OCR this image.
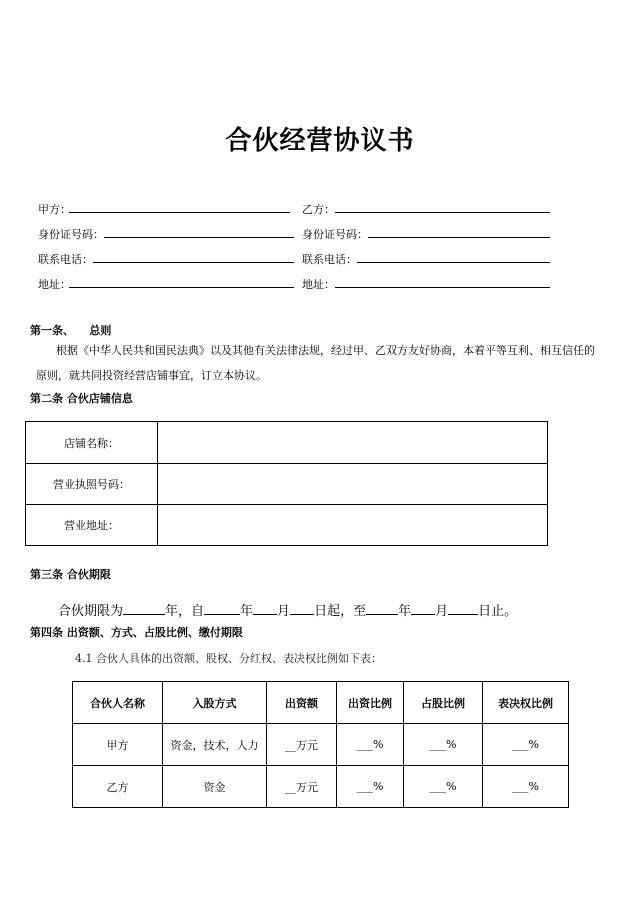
合伙经营协议书
甲方：	乙方：
身份证号码：	身份证号码：
联系电话：	联系电话：
地址：	地址：
第一条、    总则
根据《中华人民共和国民法典》以及其他有关法律法规，经过甲、乙双方友好协商，本着平等互利、相互信任的
原则，就共同投资经营店铺事宜，订立本协议。
第二条 合伙店铺信息
店铺名称：	
营业执照号码：	
营业地址：	
第三条 合伙期限
合伙期限为	年，自	年 月 日起，至 年 月 日止。
第四条 出资额、方式、占股比例、缴付期限
4.1 合伙人具体的出资额、股权、分红权、表决权比例如下表：
合伙人名称	入股方式	出资额	出资比例	占股比例	表决权比例
甲方	资金，技术，人力	__万元	___%	___%	___%
乙方	资金	__万元	___%	___%	___%
